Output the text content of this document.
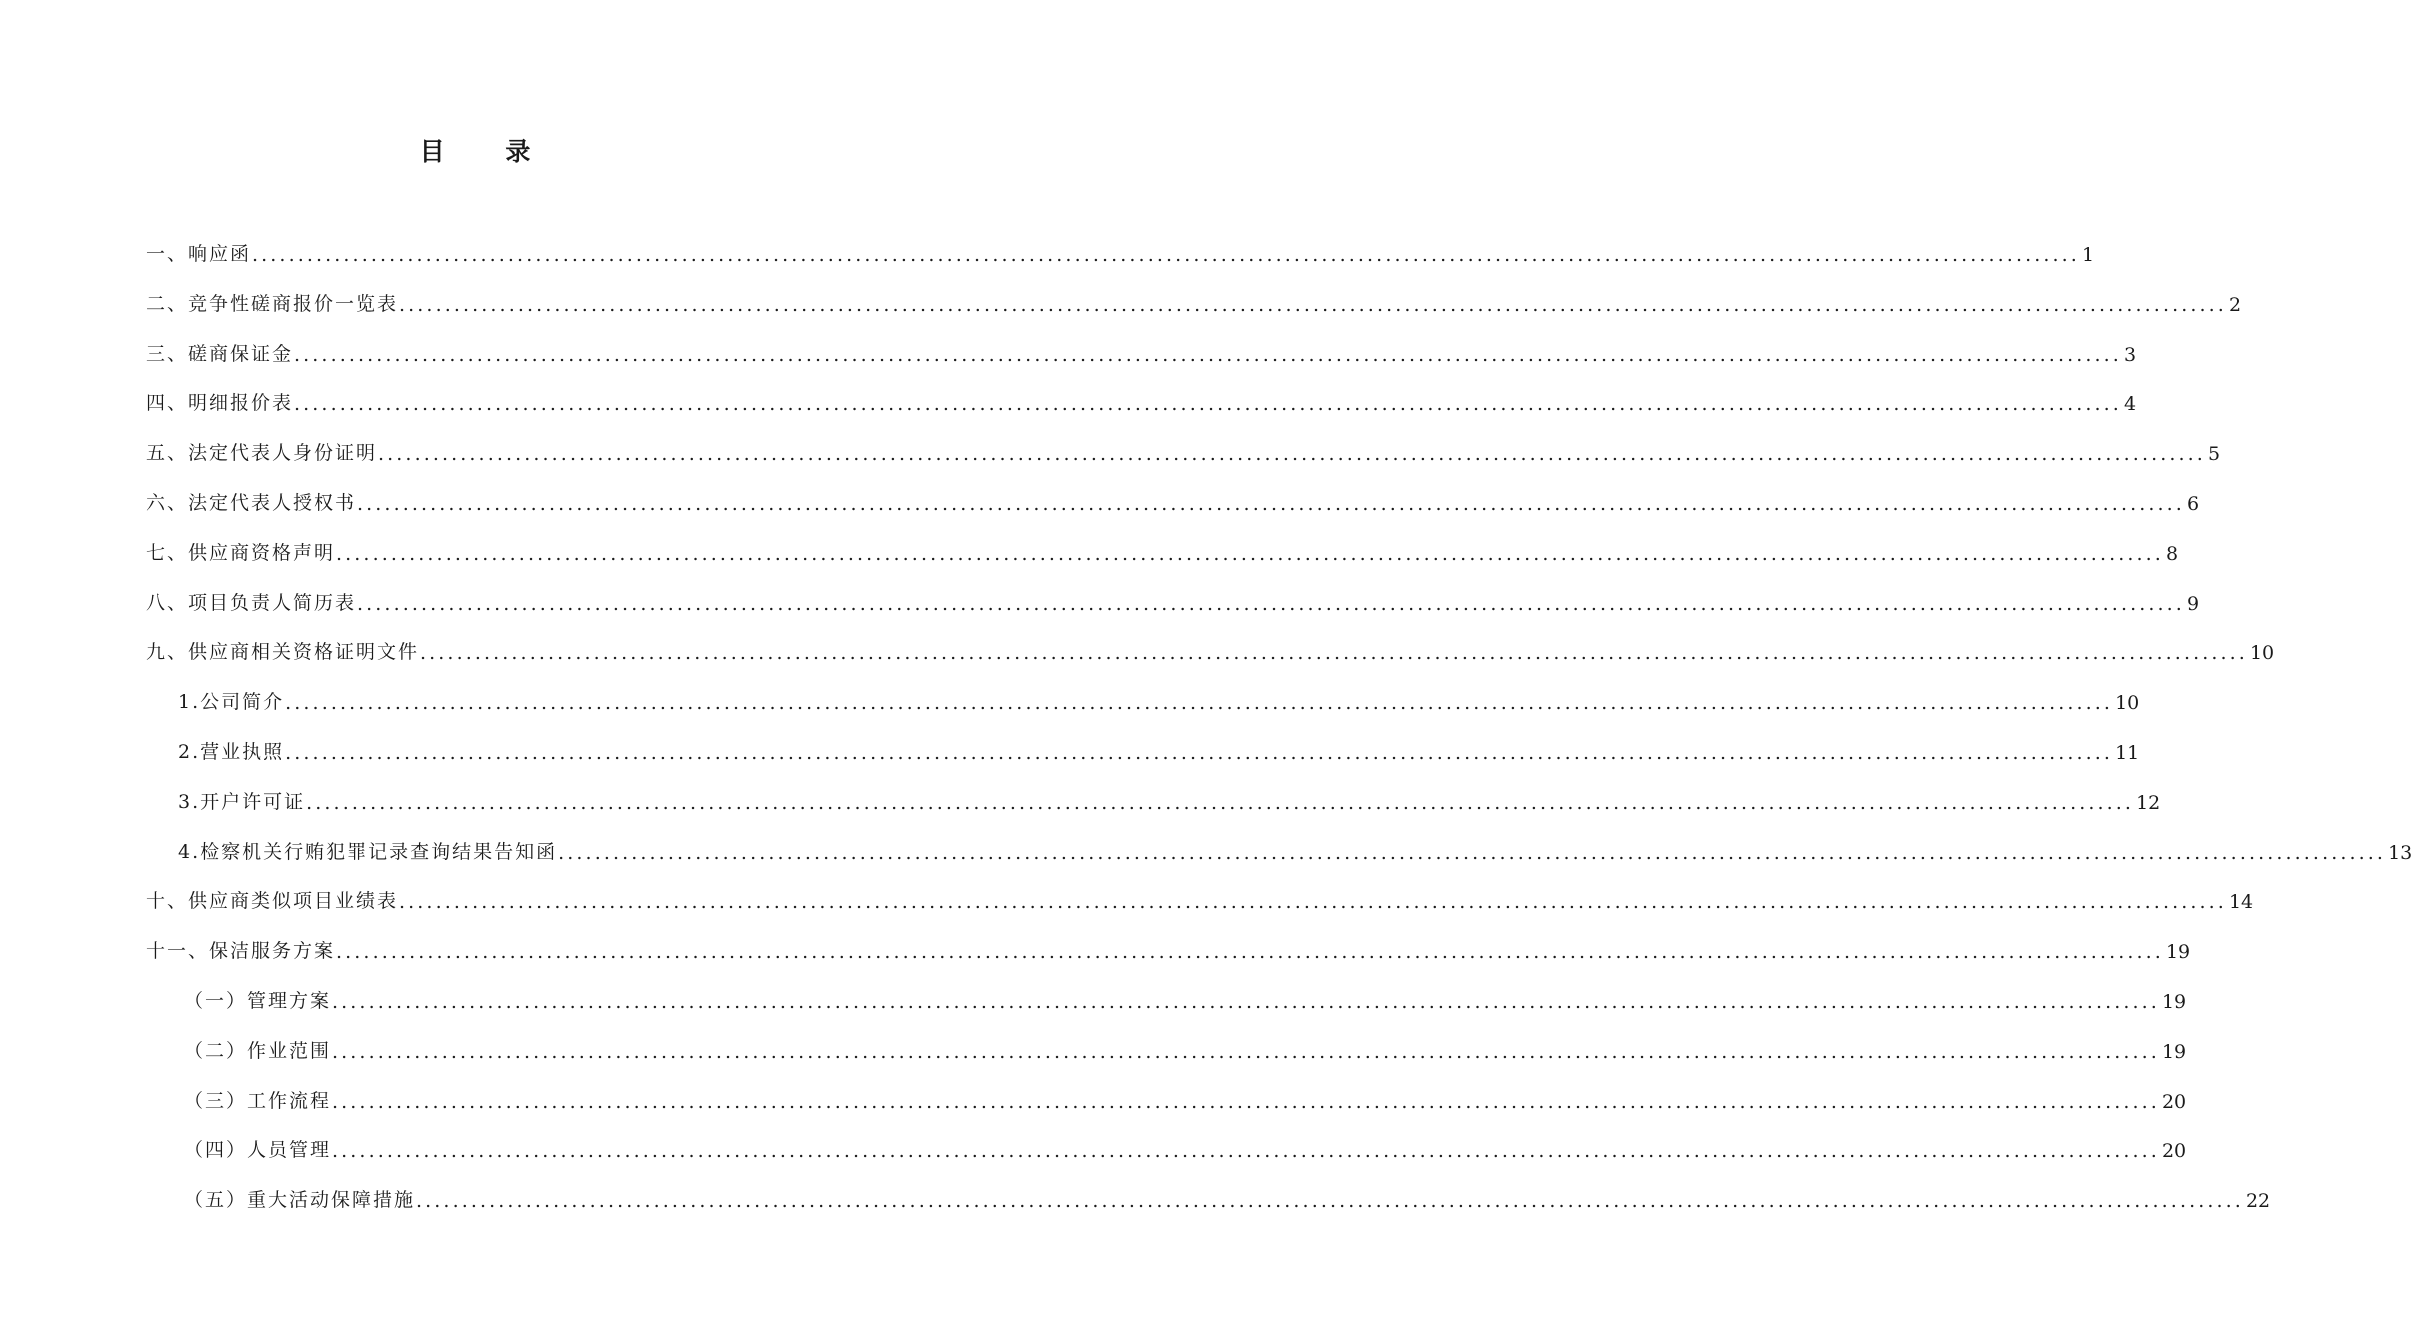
目 录
一、响应函 ........................................................................................................................................................................................................ 1
二、竞争性磋商报价一览表 ........................................................................................................................................................................................................ 2
三、磋商保证金 ........................................................................................................................................................................................................ 3
四、明细报价表 ........................................................................................................................................................................................................ 4
五、法定代表人身份证明 ........................................................................................................................................................................................................ 5
六、法定代表人授权书 ........................................................................................................................................................................................................ 6
七、供应商资格声明 ........................................................................................................................................................................................................ 8
八、项目负责人简历表 ........................................................................................................................................................................................................ 9
九、供应商相关资格证明文件 ........................................................................................................................................................................................................ 10
1.公司简介 ........................................................................................................................................................................................................ 10
2.营业执照 ........................................................................................................................................................................................................ 11
3.开户许可证 ........................................................................................................................................................................................................ 12
4.检察机关行贿犯罪记录查询结果告知函 ........................................................................................................................................................................................................ 13
十、供应商类似项目业绩表 ........................................................................................................................................................................................................ 14
十一、保洁服务方案 ........................................................................................................................................................................................................ 19
（一）管理方案 ........................................................................................................................................................................................................ 19
（二）作业范围 ........................................................................................................................................................................................................ 19
（三）工作流程 ........................................................................................................................................................................................................ 20
（四）人员管理 ........................................................................................................................................................................................................ 20
（五）重大活动保障措施 ........................................................................................................................................................................................................ 22
